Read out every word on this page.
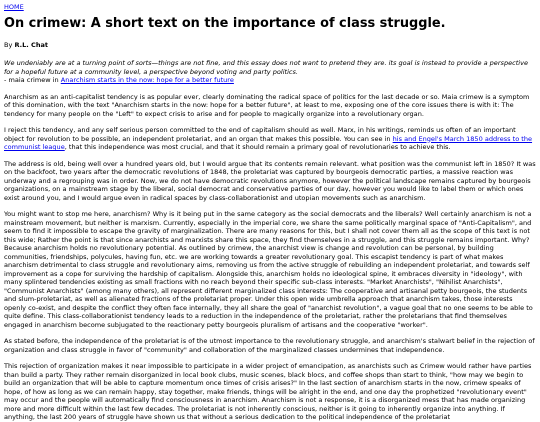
HOME
On crimew: A short text on the importance of class struggle.
By R.L. Chat
We undeniably are at a turning point of sorts—things are not fine, and this essay does not want to pretend they are. its goal is instead to provide a perspective for a hopeful future at a community level, a perspective beyond voting and party politics.
- maia crimew in Anarchism starts in the now: hope for a better future

Anarchism as an anti-capitalist tendency is as popular ever, clearly dominating the radical space of politics for the last decade or so. Maia crimew is a symptom of this domination, with the text "Anarchism starts in the now: hope for a better future", at least to me, exposing one of the core issues there is with it: The tendency for many people on the "Left" to expect crisis to arise and for people to magically organize into a revolutionary organ.

I reject this tendency, and any self serious person committed to the end of capitalism should as well. Marx, in his writings, reminds us often of an important object for revolution to be possible, an independent proletariat, and an organ that makes this possible. You can see in his and Engel's March 1850 address to the communist league, that this independence was most crucial, and that it should remain a primary goal of revolutionaries to achieve this.

The address is old, being well over a hundred years old, but I would argue that its contents remain relevant. what position was the communist left in 1850? It was on the backfoot, two years after the democratic revolutions of 1848, the proletariat was captured by bourgeois democratic parties, a massive reaction was underway and a regrouping was in order. Now, we do not have democratic revolutions anymore, however the political landscape remains captured by bourgeois organizations, on a mainstream stage by the liberal, social democrat and conservative parties of our day, however you would like to label them or which ones exist around you, and I would argue even in radical spaces by class-collaborationist and utopian movements such as anarchism.

You might want to stop me here, anarchism? Why is it being put in the same category as the social democrats and the liberals? Well certainly anarchism is not a mainstream movement, but neither is marxism. Currently, especially in the imperial core, we share the same politically marginal space of "Anti-Capitalism", and seem to find it impossible to escape the gravity of marginalization. There are many reasons for this, but I shall not cover them all as the scope of this text is not this wide; Rather the point is that since anarchists and marxists share this space, they find themselves in a struggle, and this struggle remains important. Why? Because anarchism holds no revolutionary potential. As outlined by crimew, the anarchist view is change and revolution can be personal, by building communities, friendships, polycules, having fun, etc. we are working towards a greater revolutionary goal. This escapist tendency is part of what makes anarchism detrimental to class struggle and revolutionary aims, removing us from the active struggle of rebuilding an independent proletariat, and towards self improvement as a cope for surviving the hardship of capitalism. Alongside this, anarchism holds no ideological spine, it embraces diversity in "ideology", with many splintered tendencies existing as small fractions with no reach beyond their specific sub-class interests. "Market Anarchists", "Nihilist Anarchists", "Communist Anarchists" (among many others), all represent different marginalized class interests: The cooperative and artisanal petty bourgeois, the students and slum-proletariat, as well as alienated fractions of the proletariat proper. Under this open wide umbrella approach that anarchism takes, those interests openly co-exist, and despite the conflict they often face internally, they all share the goal of "anarchist revolution", a vague goal that no one seems to be able to quite define. This class-collaborationist tendency leads to a reduction in the independence of the proletariat, rather the proletarians that find themselves engaged in anarchism become subjugated to the reactionary petty bourgeois pluralism of artisans and the cooperative "worker".

As stated before, the independence of the proletariat is of the utmost importance to the revolutionary struggle, and anarchism's stalwart belief in the rejection of organization and class struggle in favor of "community" and collaboration of the marginalized classes undermines that independence.

This rejection of organization makes it near impossible to participate in a wider project of emancipation, as anarchists such as Crimew would rather have parties than build a party. They rather remain disorganized in local book clubs, music scenes, black blocs, and coffee shops than start to think, "how may we begin to build an organization that will be able to capture momentum once times of crisis arises?" In the last section of anarchism starts in the now, crimew speaks of hope, of how as long as we can remain happy, stay together, make friends, things will be alright in the end, and one day the prophetized "revolutionary event" may occur and the people will automatically find consciousness in anarchism. Anarchism is not a response, it is a disorganized mess that has made organizing more and more difficult within the last few decades. The proletariat is not inherently conscious, neither is it going to inherently organize into anything. If anything, the last 200 years of struggle have shown us that without a serious dedication to the political independence of the proletariat
